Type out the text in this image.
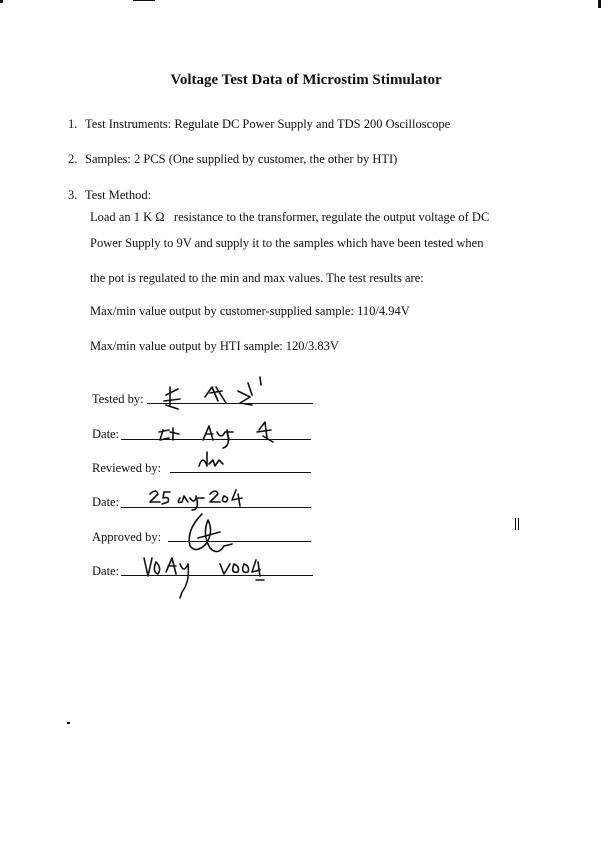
Voltage Test Data of Microstim Stimulator
1. Test Instruments: Regulate DC Power Supply and TDS 200 Oscilloscope
2. Samples: 2 PCS (One supplied by customer, the other by HTI)
3. Test Method:
Load an 1 K Ω   resistance to the transformer, regulate the output voltage of DC
Power Supply to 9V and supply it to the samples which have been tested when
the pot is regulated to the min and max values. The test results are:
Max/min value output by customer-supplied sample: 110/4.94V
Max/min value output by HTI sample: 120/3.83V
Tested by:
Date:
Reviewed by:
Date:
Approved by:
Date:
